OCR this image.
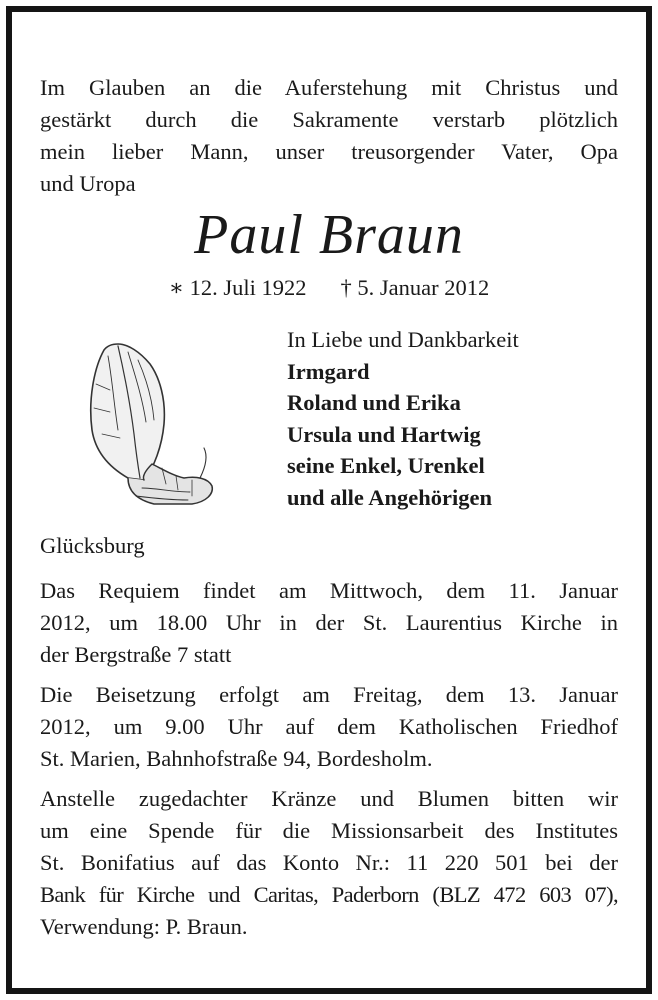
Im Glauben an die Auferstehung mit Christus und
gestärkt durch die Sakramente verstarb plötzlich
mein lieber Mann, unser treusorgender Vater, Opa
und Uropa

Paul Braun
∗ 12. Juli 1922 † 5. Januar 2012
In Liebe und Dankbarkeit
Irmgard
Roland und Erika
Ursula und Hartwig
seine Enkel, Urenkel
und alle Angehörigen

Glücksburg

Das Requiem findet am Mittwoch, dem 11. Januar
2012, um 18.00 Uhr in der St. Laurentius Kirche in
der Bergstraße 7 statt

Die Beisetzung erfolgt am Freitag, dem 13. Januar
2012, um 9.00 Uhr auf dem Katholischen Friedhof
St. Marien, Bahnhofstraße 94, Bordesholm.

Anstelle zugedachter Kränze und Blumen bitten wir
um eine Spende für die Missionsarbeit des Institutes
St. Bonifatius auf das Konto Nr.: 11 220 501 bei der
Bank für Kirche und Caritas, Paderborn (BLZ 472 603 07),
Verwendung: P. Braun.
